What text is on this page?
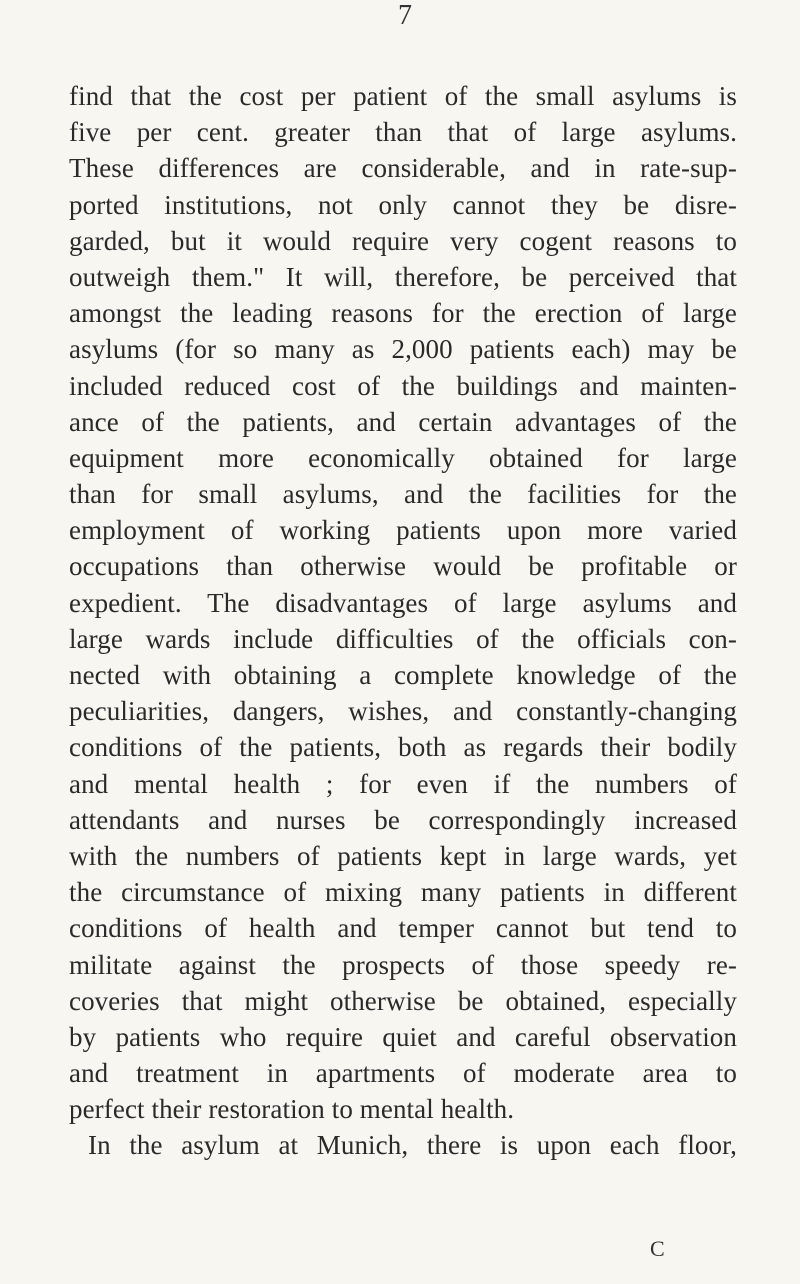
7
find that the cost per patient of the small asylums is
five per cent. greater than that of large asylums.
These differences are considerable, and in rate-sup-
ported institutions, not only cannot they be disre-
garded, but it would require very cogent reasons to
outweigh them." It will, therefore, be perceived that
amongst the leading reasons for the erection of large
asylums (for so many as 2,000 patients each) may be
included reduced cost of the buildings and mainten-
ance of the patients, and certain advantages of the
equipment more economically obtained for large
than for small asylums, and the facilities for the
employment of working patients upon more varied
occupations than otherwise would be profitable or
expedient. The disadvantages of large asylums and
large wards include difficulties of the officials con-
nected with obtaining a complete knowledge of the
peculiarities, dangers, wishes, and constantly-changing
conditions of the patients, both as regards their bodily
and mental health ; for even if the numbers of
attendants and nurses be correspondingly increased
with the numbers of patients kept in large wards, yet
the circumstance of mixing many patients in different
conditions of health and temper cannot but tend to
militate against the prospects of those speedy re-
coveries that might otherwise be obtained, especially
by patients who require quiet and careful observation
and treatment in apartments of moderate area to
perfect their restoration to mental health.
In the asylum at Munich, there is upon each floor,
C
